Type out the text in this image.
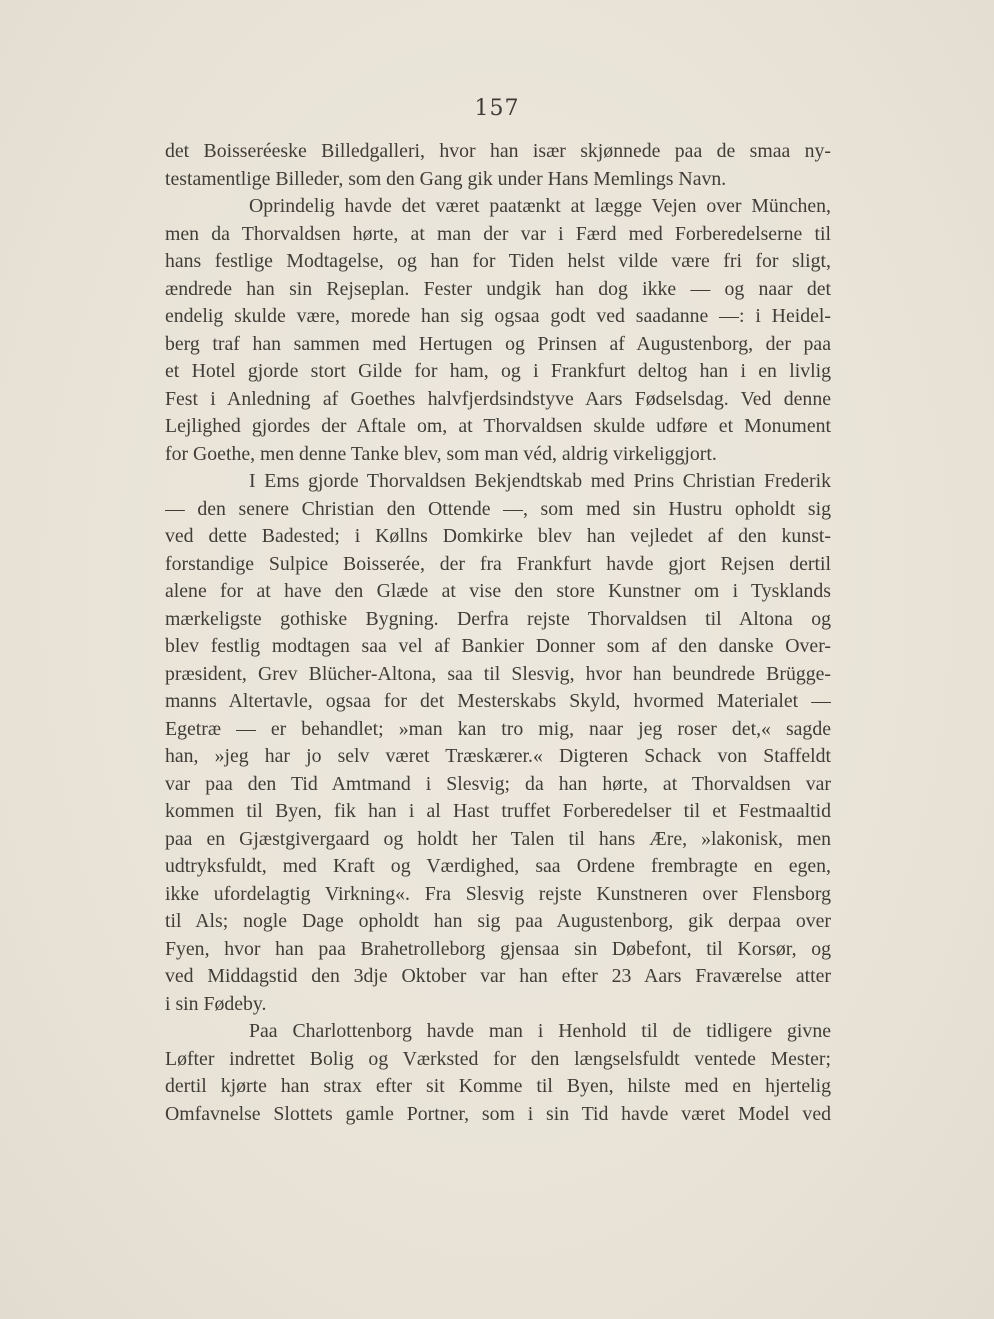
157
det Boisseréeske Billedgalleri, hvor han især skjønnede paa de smaa ny-
testamentlige Billeder, som den Gang gik under Hans Memlings Navn.
Oprindelig havde det været paatænkt at lægge Vejen over München,
men da Thorvaldsen hørte, at man der var i Færd med Forberedelserne til
hans festlige Modtagelse, og han for Tiden helst vilde være fri for sligt,
ændrede han sin Rejseplan. Fester undgik han dog ikke — og naar det
endelig skulde være, morede han sig ogsaa godt ved saadanne —: i Heidel-
berg traf han sammen med Hertugen og Prinsen af Augustenborg, der paa
et Hotel gjorde stort Gilde for ham, og i Frankfurt deltog han i en livlig
Fest i Anledning af Goethes halvfjerdsindstyve Aars Fødselsdag. Ved denne
Lejlighed gjordes der Aftale om, at Thorvaldsen skulde udføre et Monument
for Goethe, men denne Tanke blev, som man véd, aldrig virkeliggjort.
I Ems gjorde Thorvaldsen Bekjendtskab med Prins Christian Frederik
— den senere Christian den Ottende —, som med sin Hustru opholdt sig
ved dette Badested; i Køllns Domkirke blev han vejledet af den kunst-
forstandige Sulpice Boisserée, der fra Frankfurt havde gjort Rejsen dertil
alene for at have den Glæde at vise den store Kunstner om i Tysklands
mærkeligste gothiske Bygning. Derfra rejste Thorvaldsen til Altona og
blev festlig modtagen saa vel af Bankier Donner som af den danske Over-
præsident, Grev Blücher-Altona, saa til Slesvig, hvor han beundrede Brügge-
manns Altertavle, ogsaa for det Mesterskabs Skyld, hvormed Materialet —
Egetræ — er behandlet; »man kan tro mig, naar jeg roser det,« sagde
han, »jeg har jo selv været Træskærer.« Digteren Schack von Staffeldt
var paa den Tid Amtmand i Slesvig; da han hørte, at Thorvaldsen var
kommen til Byen, fik han i al Hast truffet Forberedelser til et Festmaaltid
paa en Gjæstgivergaard og holdt her Talen til hans Ære, »lakonisk, men
udtryksfuldt, med Kraft og Værdighed, saa Ordene frembragte en egen,
ikke ufordelagtig Virkning«. Fra Slesvig rejste Kunstneren over Flensborg
til Als; nogle Dage opholdt han sig paa Augustenborg, gik derpaa over
Fyen, hvor han paa Brahetrolleborg gjensaa sin Døbefont, til Korsør, og
ved Middagstid den 3dje Oktober var han efter 23 Aars Fraværelse atter
i sin Fødeby.
Paa Charlottenborg havde man i Henhold til de tidligere givne
Løfter indrettet Bolig og Værksted for den længselsfuldt ventede Mester;
dertil kjørte han strax efter sit Komme til Byen, hilste med en hjertelig
Omfavnelse Slottets gamle Portner, som i sin Tid havde været Model ved
